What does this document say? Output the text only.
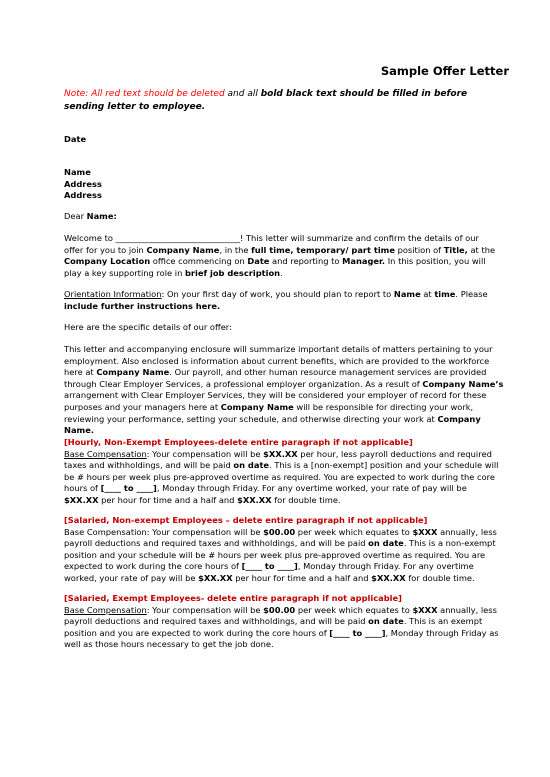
Sample Offer Letter
Note: All red text should be deleted and all bold black text should be filled in before sending letter to employee.
Date
Name
Address
Address
Dear Name:
Welcome to ______________________________! This letter will summarize and confirm the details of our
offer for you to join Company Name, in the full time, temporary/ part time position of Title, at the
Company Location office commencing on Date and reporting to Manager. In this position, you will
play a key supporting role in brief job description.
Orientation Information: On your first day of work, you should plan to report to Name at time. Please
include further instructions here.
Here are the specific details of our offer:
This letter and accompanying enclosure will summarize important details of matters pertaining to your
employment. Also enclosed is information about current benefits, which are provided to the workforce
here at Company Name. Our payroll, and other human resource management services are provided
through Clear Employer Services, a professional employer organization. As a result of Company Name’s
arrangement with Clear Employer Services, they will be considered your employer of record for these
purposes and your managers here at Company Name will be responsible for directing your work,
reviewing your performance, setting your schedule, and otherwise directing your work at Company
Name.
[Hourly, Non-Exempt Employees-delete entire paragraph if not applicable]
Base Compensation: Your compensation will be $XX.XX per hour, less payroll deductions and required
taxes and withholdings, and will be paid on date. This is a [non-exempt] position and your schedule will
be # hours per week plus pre-approved overtime as required. You are expected to work during the core
hours of [____ to ____], Monday through Friday. For any overtime worked, your rate of pay will be
$XX.XX per hour for time and a half and $XX.XX for double time.
[Salaried, Non-exempt Employees – delete entire paragraph if not applicable]
Base Compensation: Your compensation will be $00.00 per week which equates to $XXX annually, less
payroll deductions and required taxes and withholdings, and will be paid on date. This is a non-exempt
position and your schedule will be # hours per week plus pre-approved overtime as required. You are
expected to work during the core hours of [____ to ____], Monday through Friday. For any overtime
worked, your rate of pay will be $XX.XX per hour for time and a half and $XX.XX for double time.
[Salaried, Exempt Employees- delete entire paragraph if not applicable]
Base Compensation: Your compensation will be $00.00 per week which equates to $XXX annually, less
payroll deductions and required taxes and withholdings, and will be paid on date. This is an exempt
position and you are expected to work during the core hours of [____ to ____], Monday through Friday as
well as those hours necessary to get the job done.
